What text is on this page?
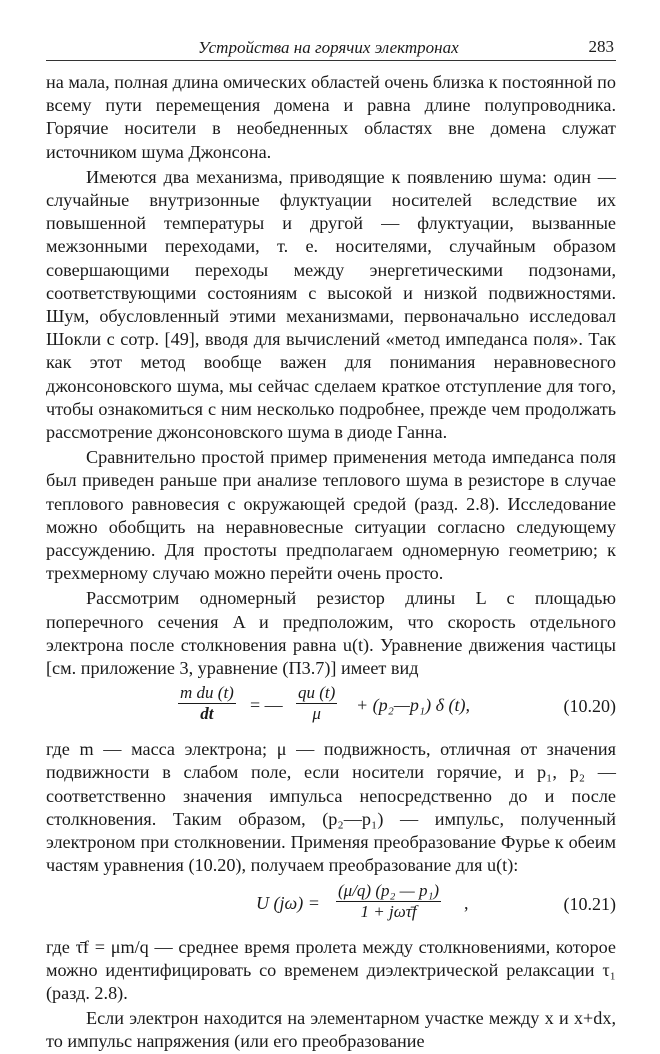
Устройства на горячих электронах	283

на мала, полная длина омических областей очень близка к постоянной по всему пути перемещения домена и равна длине полупроводника. Горячие носители в необедненных областях вне домена служат источником шума Джонсона.

Имеются два механизма, приводящие к появлению шума: один — случайные внутризонные флуктуации носителей вследствие их повышенной температуры и другой — флуктуации, вызванные межзонными переходами, т. е. носителями, случайным образом совершающими переходы между энергетическими подзонами, соответствующими состояниям с высокой и низкой подвижностями. Шум, обусловленный этими механизмами, первоначально исследовал Шокли с сотр. [49], вводя для вычислений «метод импеданса поля». Так как этот метод вообще важен для понимания неравновесного джонсоновского шума, мы сейчас сделаем краткое отступление для того, чтобы ознакомиться с ним несколько подробнее, прежде чем продолжать рассмотрение джонсоновского шума в диоде Ганна.

Сравнительно простой пример применения метода импеданса поля был приведен раньше при анализе теплового шума в резисторе в случае теплового равновесия с окружающей средой (разд. 2.8). Исследование можно обобщить на неравновесные ситуации согласно следующему рассуждению. Для простоты предполагаем одномерную геометрию; к трехмерному случаю можно перейти очень просто.

Рассмотрим одномерный резистор длины L с площадью поперечного сечения A и предположим, что скорость отдельного электрона после столкновения равна u(t). Уравнение движения частицы [см. приложение 3, уравнение (П3.7)] имеет вид

$\frac{\text{m du (t)}}{dt}$ = — $\frac{qu (t)}{\mu}$ + (p₂—p₁) δ (t),	(10.20)

где m — масса электрона; μ — подвижность, отличная от значения подвижности в слабом поле, если носители горячие, и p₁, p₂ — соответственно значения импульса непосредственно до и после столкновения. Таким образом, (p₂—p₁) — импульс, полученный электроном при столкновении. Применяя преобразование Фурье к обеим частям уравнения (10.20), получаем преобразование для u(t):

U (jω) =
(μ/q) (p₂ — p₁)
1 + jωτ̄f	,	(10.21)

где τ̄f = μm/q — среднее время пролета между столкновениями, которое можно идентифицировать со временем диэлектрической релаксации τ₁ (разд. 2.8).

Если электрон находится на элементарном участке между x и x+dx, то импульс напряжения (или его преобразование
